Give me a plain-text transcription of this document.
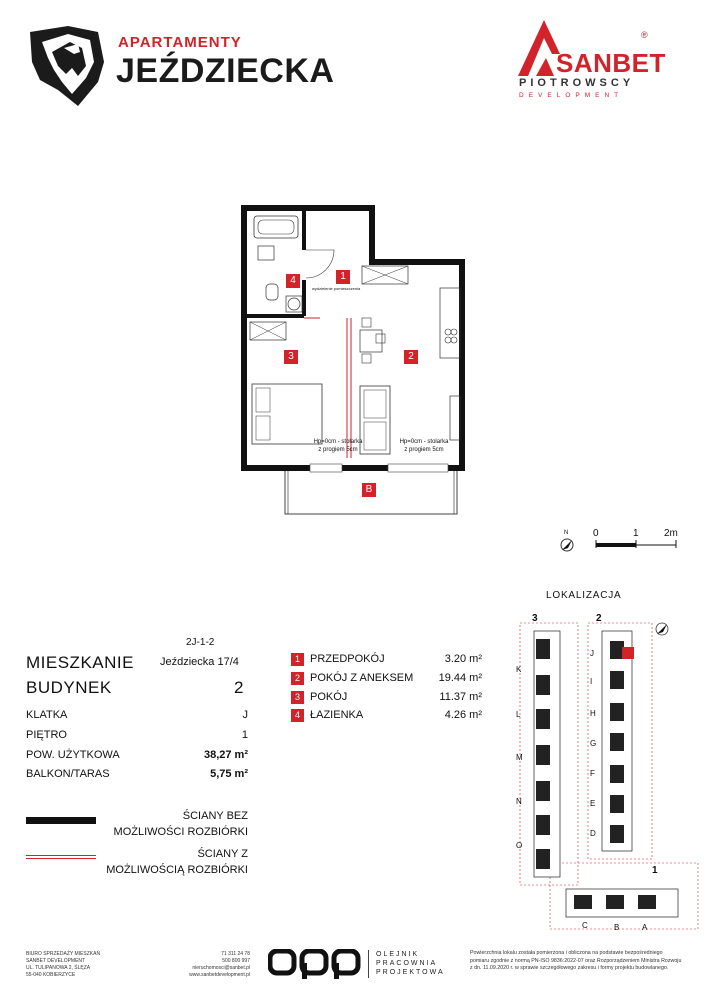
APARTAMENTY
JEŹDZIECKA	SANBET
®
PIOTROWSCY
DEVELOPMENT
4	1
3	2
B
wydzielenie pomieszczenia
Hp=0cm - stolarka
z progiem 5cm
Hp=0cm - stolarka
z progiem 5cm
0	1	2m
N
LOKALIZACJA
3	2
1
K
L
M
N
O
J
I
H
G
F
E
D
C	B	A
2J-1-2
MIESZKANIE Jeździecka 17/4
BUDYNEK	2
KLATKA	J
PIĘTRO	1
POW. UŻYTKOWA	38,27 m²
BALKON/TARAS	5,75 m²
1 PRZEDPOKÓJ	3.20 m²
2 POKÓJ Z ANEKSEM	19.44 m²
3 POKÓJ	11.37 m²
4 ŁAZIENKA	4.26 m²
ŚCIANY BEZ
MOŻLIWOŚCI ROZBIÓRKI
ŚCIANY Z
MOŻLIWOŚCIĄ ROZBIÓRKI
BIURO SPRZEDAŻY MIESZKAŃ
SANBET DEVELOPMENT
UL. TULIPANOWA 2, ŚLĘZA
55-040 KOBIERZYCE
71 311 24 78
500 800 997
nieruchomosci@sanbet.pl
www.sanbetdevelopment.pl
OLEJNIK
PRACOWNIA
PROJEKTOWA
Powierzchnia lokalu została pomierzona i obliczona na podstawie bezpośredniego
pomiaru zgodnie z normą PN-ISO 9836:2022-07 oraz Rozporządzeniem Ministra Rozwoju
z dn. 11.09.2020 r. w sprawie szczegółowego zakresu i formy projektu budowlanego.
